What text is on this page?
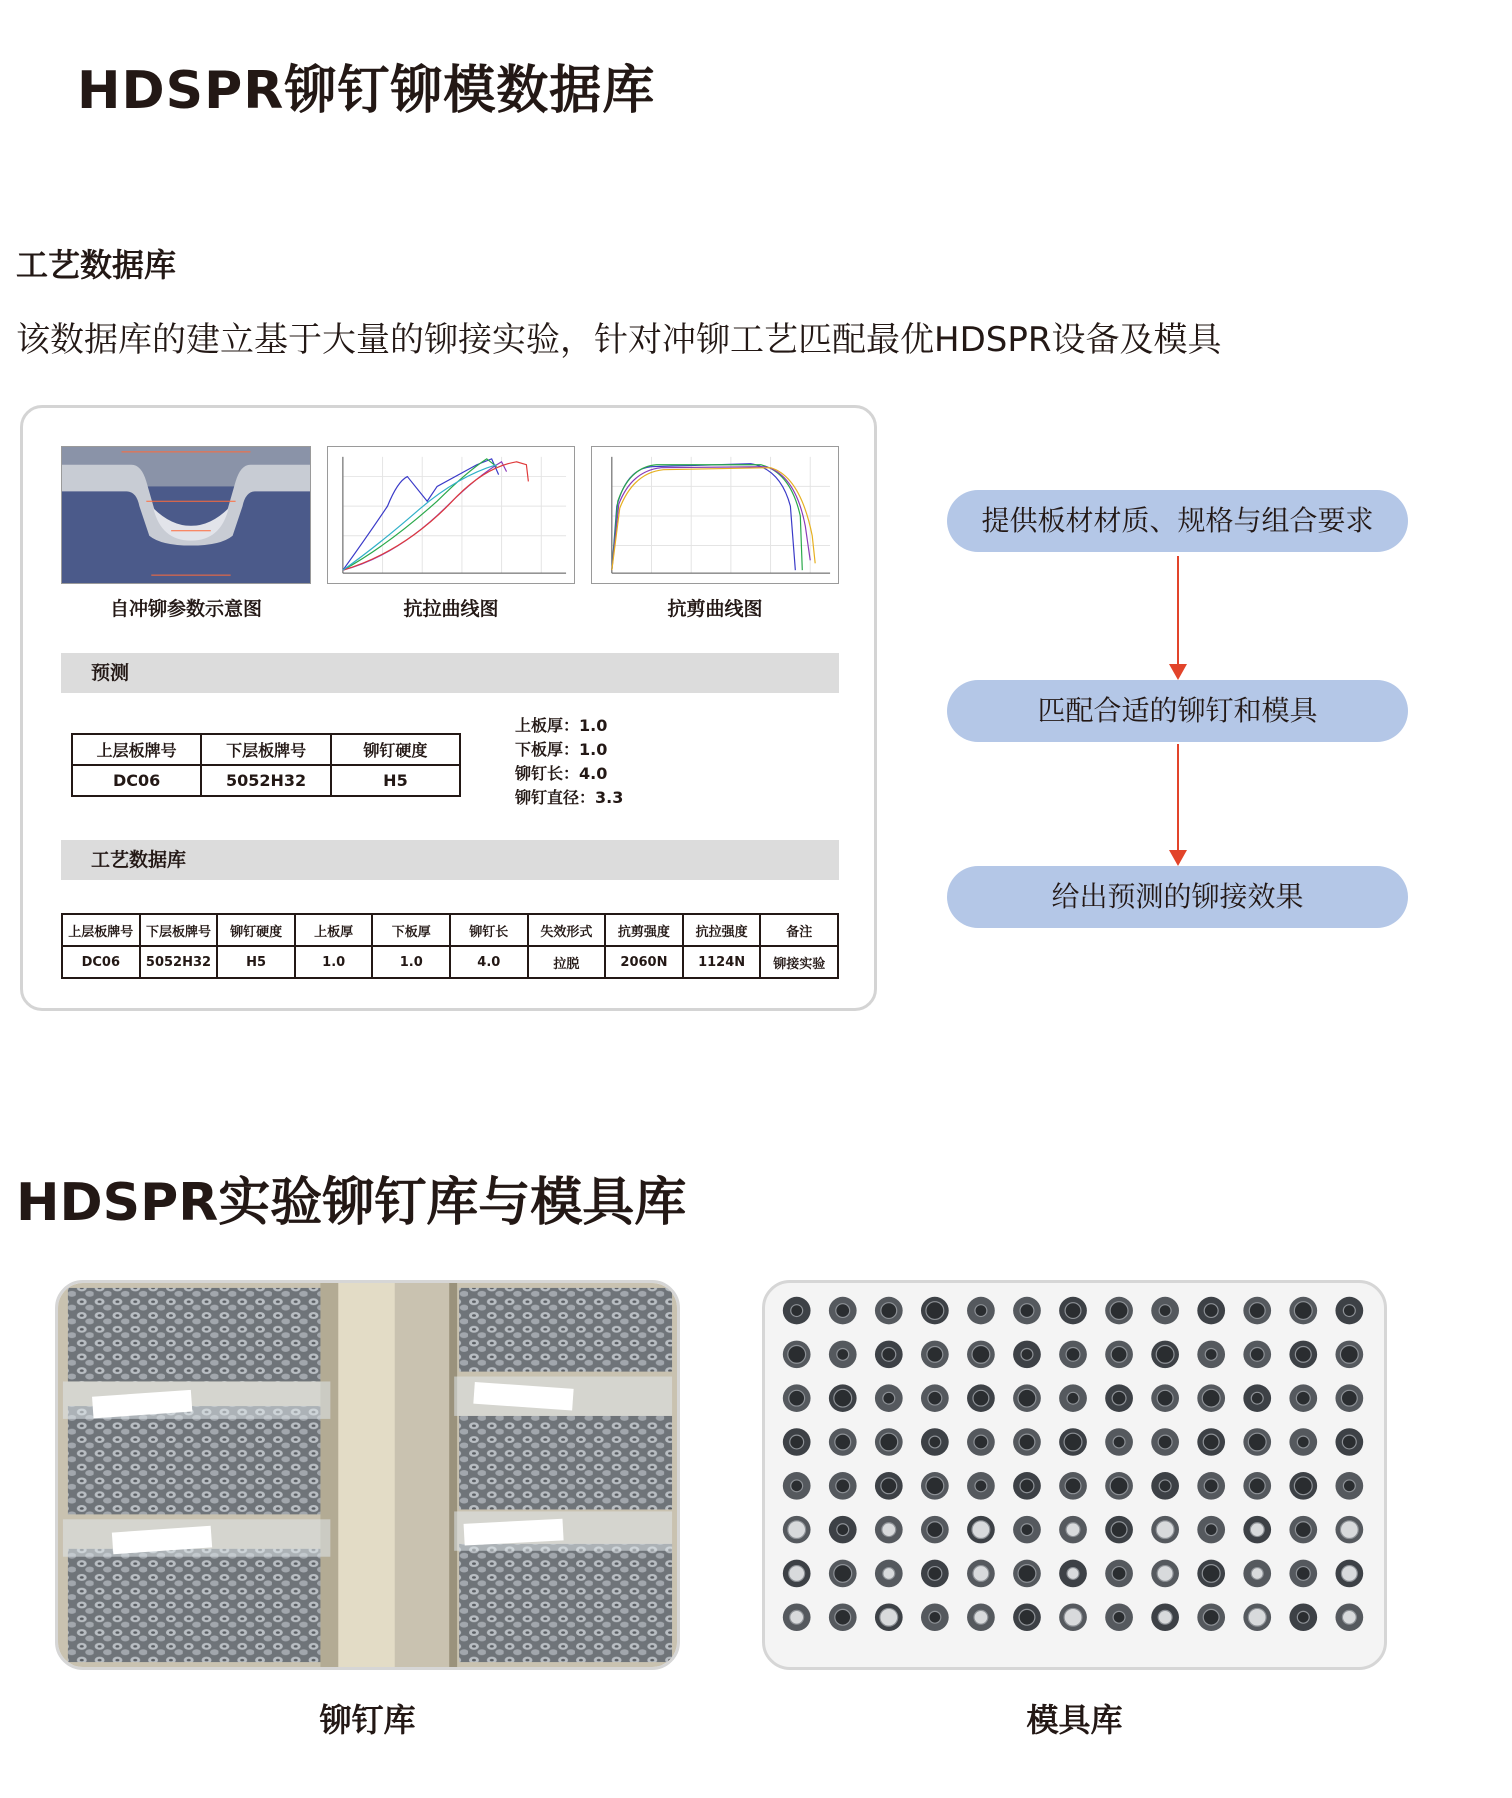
HDSPR铆钉铆模数据库
工艺数据库
该数据库的建立基于大量的铆接实验，针对冲铆工艺匹配最优HDSPR设备及模具
自冲铆参数示意图	抗拉曲线图	抗剪曲线图
预测
上层板牌号	下层板牌号	铆钉硬度
DC06	5052H32	H5
上板厚：1.0
下板厚：1.0
铆钉长：4.0
铆钉直径：3.3
工艺数据库
上层板牌号	下层板牌号	铆钉硬度	上板厚	下板厚	铆钉长	失效形式	抗剪强度	抗拉强度	备注
DC06	5052H32	H5	1.0	1.0	4.0	拉脱	2060N	1124N	铆接实验
提供板材材质、规格与组合要求
匹配合适的铆钉和模具
给出预测的铆接效果
HDSPR实验铆钉库与模具库
铆钉库	模具库
